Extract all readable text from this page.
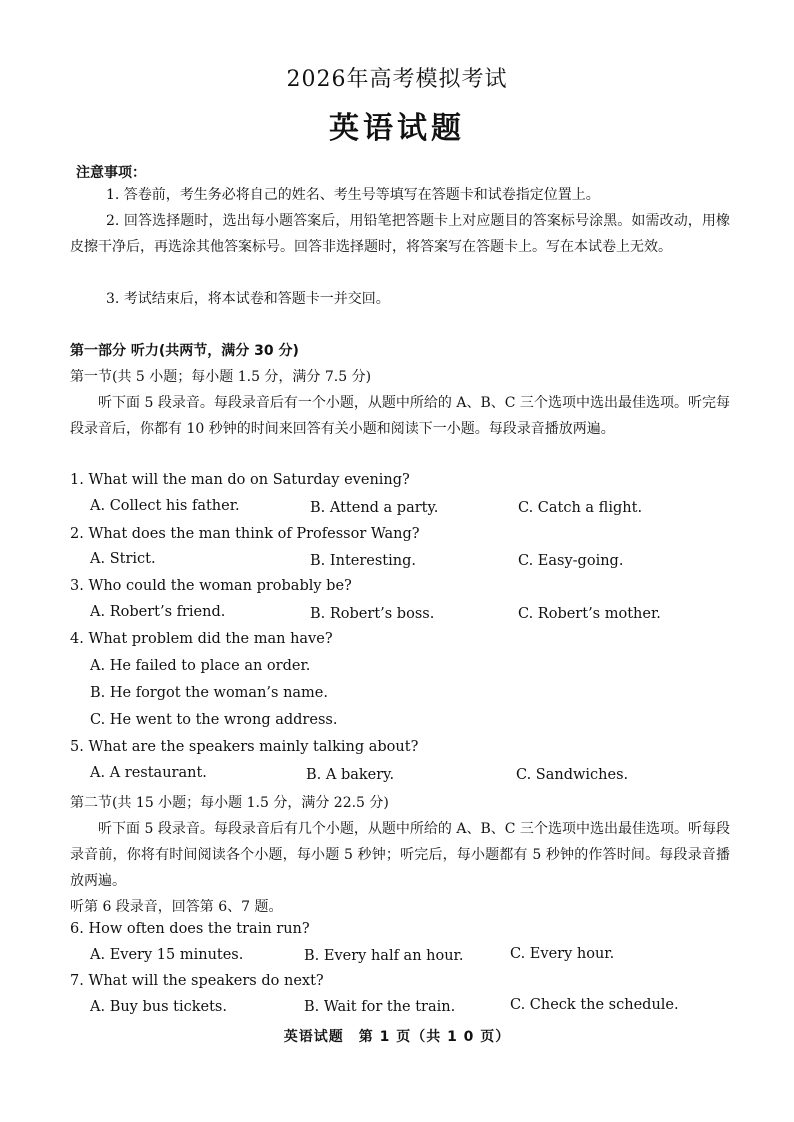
2026年高考模拟考试
英语试题
注意事项：
1. 答卷前，考生务必将自己的姓名、考生号等填写在答题卡和试卷指定位置上。
2. 回答选择题时，选出每小题答案后，用铅笔把答题卡上对应题目的答案标号涂黑。如需改动，用橡皮擦干净后，再选涂其他答案标号。回答非选择题时，将答案写在答题卡上。写在本试卷上无效。
3. 考试结束后，将本试卷和答题卡一并交回。
第一部分 听力(共两节，满分 30 分)
第一节(共 5 小题；每小题 1.5 分，满分 7.5 分)
听下面 5 段录音。每段录音后有一个小题，从题中所给的 A、B、C 三个选项中选出最佳选项。听完每段录音后，你都有 10 秒钟的时间来回答有关小题和阅读下一小题。每段录音播放两遍。
1. What will the man do on Saturday evening?
A. Collect his father.	B. Attend a party.	C. Catch a flight.
2. What does the man think of Professor Wang?
A. Strict.	B. Interesting.	C. Easy-going.
3. Who could the woman probably be?
A. Robert’s friend.	B. Robert’s boss.	C. Robert’s mother.
4. What problem did the man have?
A. He failed to place an order.
B. He forgot the woman’s name.
C. He went to the wrong address.
5. What are the speakers mainly talking about?
A. A restaurant.	B. A bakery.	C. Sandwiches.
第二节(共 15 小题；每小题 1.5 分，满分 22.5 分)
听下面 5 段录音。每段录音后有几个小题，从题中所给的 A、B、C 三个选项中选出最佳选项。听每段录音前，你将有时间阅读各个小题，每小题 5 秒钟；听完后，每小题都有 5 秒钟的作答时间。每段录音播放两遍。
听第 6 段录音，回答第 6、7 题。
6. How often does the train run?
A. Every 15 minutes.	B. Every half an hour.	C. Every hour.
7. What will the speakers do next?
A. Buy bus tickets.	B. Wait for the train.	C. Check the schedule.
英语试题　第 1 页（共 1 0 页）
